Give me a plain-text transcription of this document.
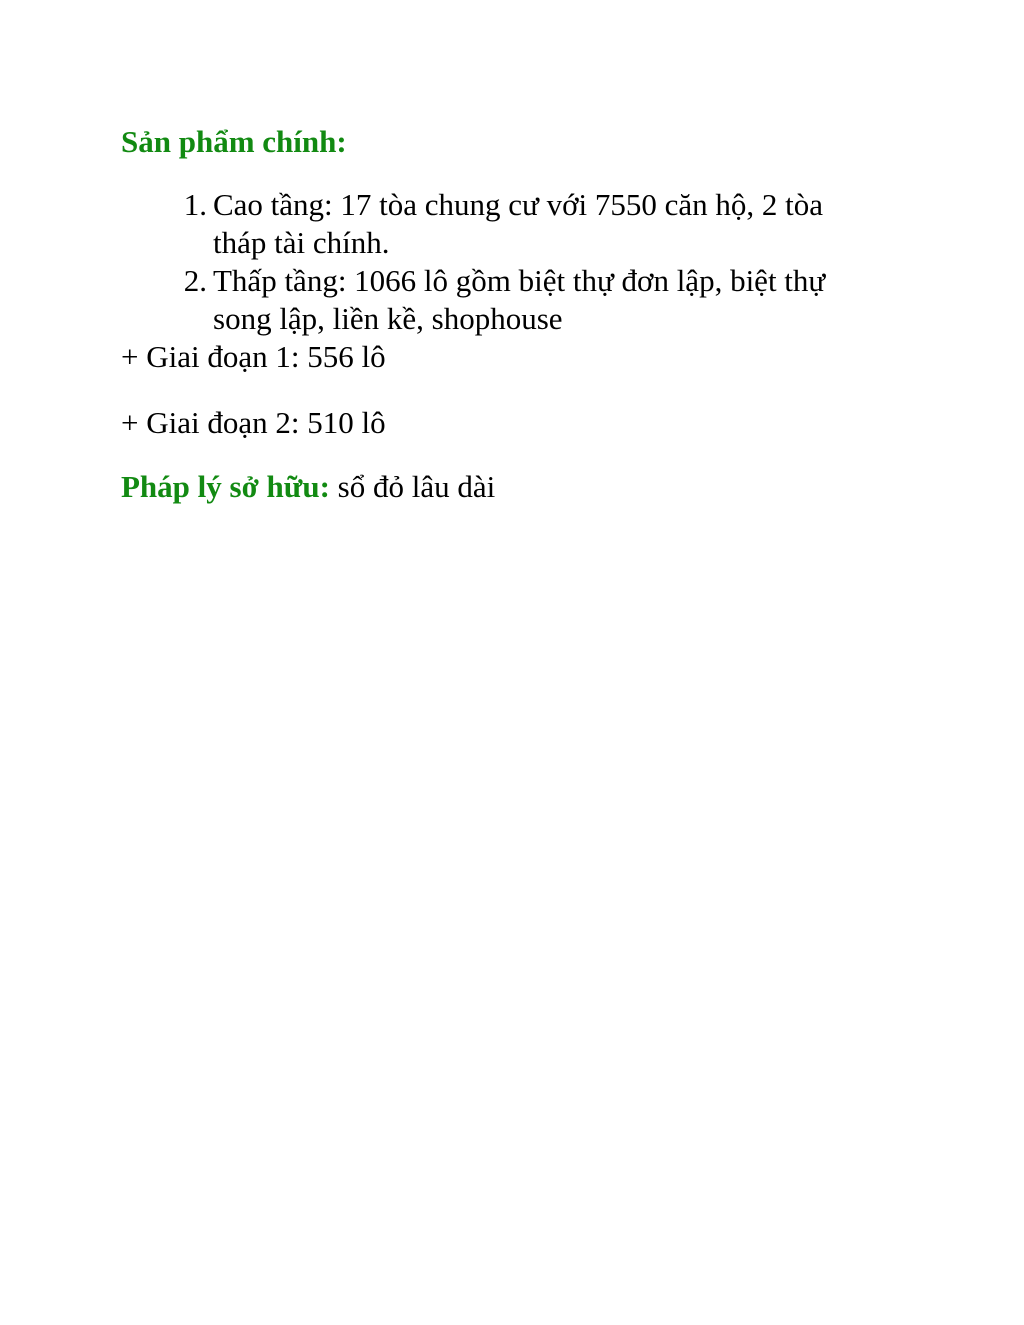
Sản phẩm chính:
1. Cao tầng: 17 tòa chung cư với 7550 căn hộ, 2 tòa tháp tài chính.
2. Thấp tầng: 1066 lô gồm biệt thự đơn lập, biệt thự song lập, liền kề, shophouse

+ Giai đoạn 1: 556 lô

+ Giai đoạn 2: 510 lô

Pháp lý sở hữu: sổ đỏ lâu dài
